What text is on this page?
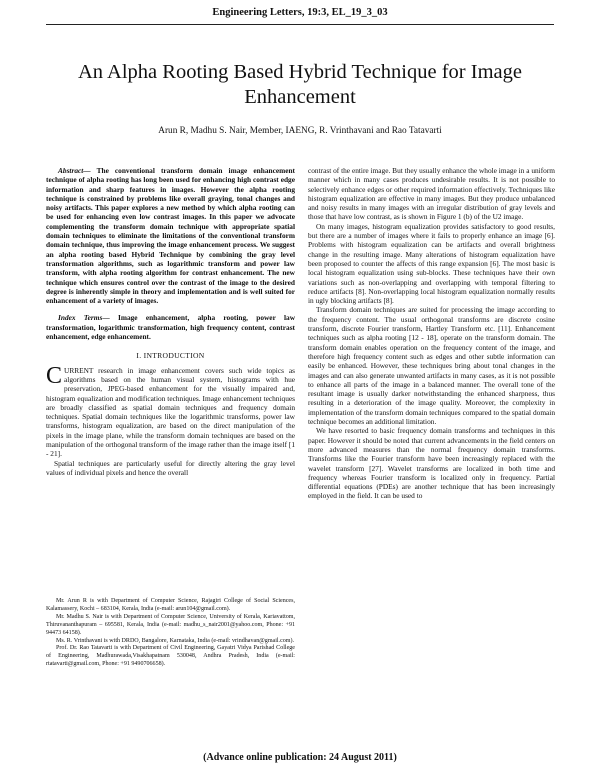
Engineering Letters, 19:3, EL_19_3_03
An Alpha Rooting Based Hybrid Technique for Image Enhancement
Arun R, Madhu S. Nair, Member, IAENG, R. Vrinthavani and Rao Tatavarti

Abstract— The conventional transform domain image enhancement technique of alpha rooting has long been used for enhancing high contrast edge information and sharp features in images. However the alpha rooting technique is constrained by problems like overall graying, tonal changes and noisy artifacts. This paper explores a new method by which alpha rooting can be used for enhancing even low contrast images. In this paper we advocate complementing the transform domain technique with appropriate spatial domain techniques to eliminate the limitations of the conventional transform domain technique, thus improving the image enhancement process. We suggest an alpha rooting based Hybrid Technique by combining the gray level transformation algorithms, such as logarithmic transform and power law transform, with alpha rooting algorithm for contrast enhancement. The new technique which ensures control over the contrast of the image to the desired degree is inherently simple in theory and implementation and is well suited for enhancement of a variety of images.

Index Terms— Image enhancement, alpha rooting, power law transformation, logarithmic transformation, high frequency content, contrast enhancement, edge enhancement.

I. INTRODUCTION

CURRENT research in image enhancement covers such wide topics as algorithms based on the human visual system, histograms with hue preservation, JPEG-based enhancement for the visually impaired and, histogram equalization and modification techniques. Image enhancement techniques are broadly classified as spatial domain techniques and frequency domain techniques. Spatial domain techniques like the logarithmic transforms, power law transforms, histogram equalization, are based on the direct manipulation of the pixels in the image plane, while the transform domain techniques are based on the manipulation of the orthogonal transform of the image rather than the image itself [1 - 21].

Spatial techniques are particularly useful for directly altering the gray level values of individual pixels and hence the overall

Mr. Arun R is with Department of Computer Science, Rajagiri College of Social Sciences, Kalamassery, Kochi – 683104, Kerala, India (e-mail: arun104@gmail.com).

Mr. Madhu S. Nair is with Department of Computer Science, University of Kerala, Kariavattom, Thiruvananthapuram – 695581, Kerala, India (e-mail: madhu_s_nair2001@yahoo.com, Phone: +91 94473 64158).

Ms. R. Vrinthavani is with DRDO, Bangalore, Karnataka, India (e-mail: vrindhavan@gmail.com).

Prof. Dr. Rao Tatavarti is with Department of Civil Engineering, Gayatri Vidya Parishad College of Engineering, Madhurawada,Visakhapatnam 530048, Andhra Pradesh, India (e-mail: rtatavarti@gmail.com, Phone: +91 9490706658).

contrast of the entire image. But they usually enhance the whole image in a uniform manner which in many cases produces undesirable results. It is not possible to selectively enhance edges or other required information effectively. Techniques like histogram equalization are effective in many images. But they produce unbalanced and noisy results in many images with an irregular distribution of gray levels and those that have low contrast, as is shown in Figure 1 (b) of the U2 image.

On many images, histogram equalization provides satisfactory to good results, but there are a number of images where it fails to properly enhance an image [6]. Problems with histogram equalization can be artifacts and overall brightness change in the resulting image. Many alterations of histogram equalization have been proposed to counter the affects of this range expansion [6]. The most basic is local histogram equalization using sub-blocks. These techniques have their own variations such as non-overlapping and overlapping with temporal filtering to reduce artifacts [8]. Non-overlapping local histogram equalization normally results in ugly blocking artifacts [8].

Transform domain techniques are suited for processing the image according to the frequency content. The usual orthogonal transforms are discrete cosine transform, discrete Fourier transform, Hartley Transform etc. [11]. Enhancement techniques such as alpha rooting [12 - 18], operate on the transform domain. The transform domain enables operation on the frequency content of the image, and therefore high frequency content such as edges and other subtle information can easily be enhanced. However, these techniques bring about tonal changes in the images and can also generate unwanted artifacts in many cases, as it is not possible to enhance all parts of the image in a balanced manner. The overall tone of the resultant image is usually darker notwithstanding the enhanced sharpness, thus resulting in a deterioration of the image quality. Moreover, the complexity in implementation of the transform domain techniques compared to the spatial domain technique becomes an additional limitation.

We have resorted to basic frequency domain transforms and techniques in this paper. However it should be noted that current advancements in the field centers on more advanced measures than the normal frequency domain transforms. Transforms like the Fourier transform have been increasingly replaced with the wavelet transform [27]. Wavelet transforms are localized in both time and frequency whereas Fourier transform is localized only in frequency. Partial differential equations (PDEs) are another technique that has been increasingly employed in the field. It can be used to

(Advance online publication: 24 August 2011)
